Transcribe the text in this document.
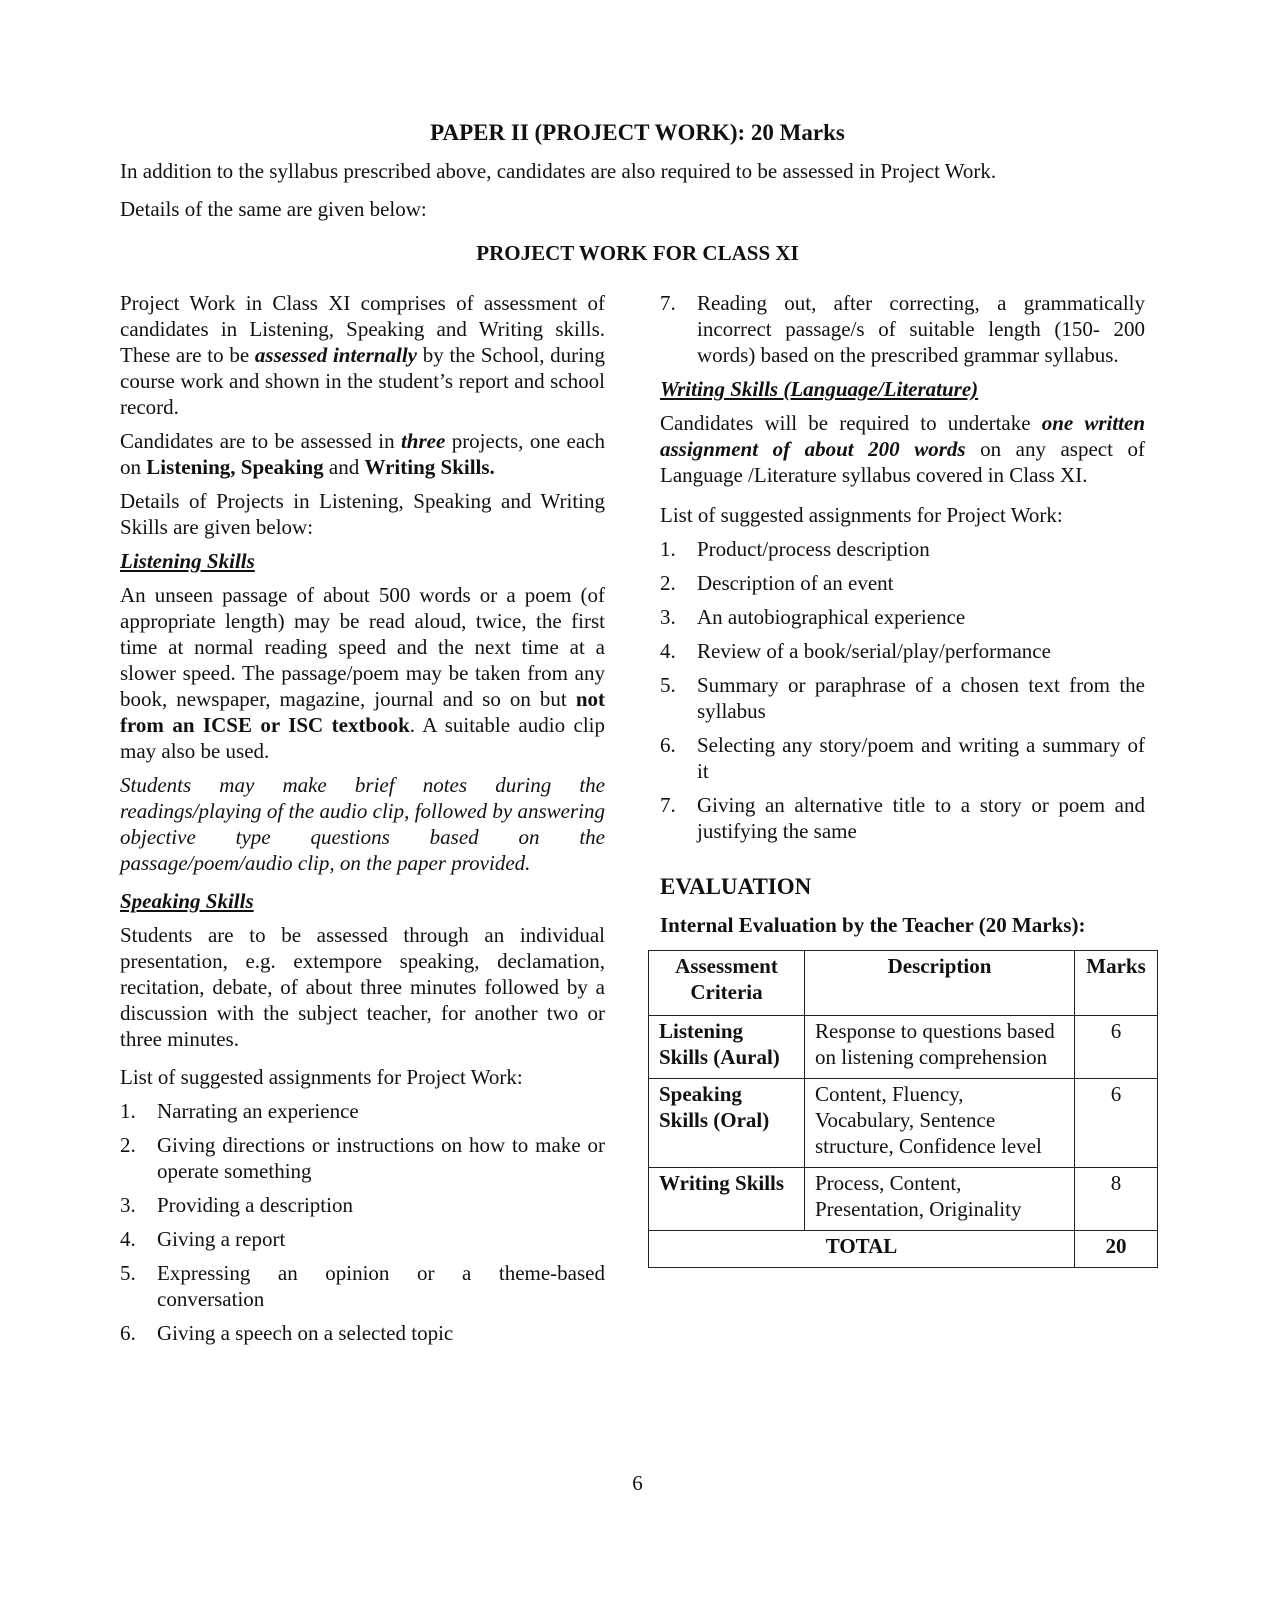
PAPER II (PROJECT WORK): 20 Marks

In addition to the syllabus prescribed above, candidates are also required to be assessed in Project Work.

Details of the same are given below:

PROJECT WORK FOR CLASS XI

Project Work in Class XI comprises of assessment of candidates in Listening, Speaking and Writing skills. These are to be assessed internally by the School, during course work and shown in the student’s report and school record.

Candidates are to be assessed in three projects, one each on Listening, Speaking and Writing Skills.

Details of Projects in Listening, Speaking and Writing Skills are given below:

Listening Skills

An unseen passage of about 500 words or a poem (of appropriate length) may be read aloud, twice, the first time at normal reading speed and the next time at a slower speed. The passage/poem may be taken from any book, newspaper, magazine, journal and so on but not from an ICSE or ISC textbook. A suitable audio clip may also be used.

Students may make brief notes during the readings/playing of the audio clip, followed by answering objective type questions based on the passage/poem/audio clip, on the paper provided.

Speaking Skills

Students are to be assessed through an individual presentation, e.g. extempore speaking, declamation, recitation, debate, of about three minutes followed by a discussion with the subject teacher, for another two or three minutes.

List of suggested assignments for Project Work:

1.	Narrating an experience
2.	Giving directions or instructions on how to make or operate something
3.	Providing a description
4.	Giving a report
5.	Expressing an opinion or a theme-based conversation
6.	Giving a speech on a selected topic
7.	Reading out, after correcting, a grammatically incorrect passage/s of suitable length (150- 200 words) based on the prescribed grammar syllabus.
Writing Skills (Language/Literature)

Candidates will be required to undertake one written assignment of about 200 words on any aspect of Language /Literature syllabus covered in Class XI.

List of suggested assignments for Project Work:

1.	Product/process description
2.	Description of an event
3.	An autobiographical experience
4.	Review of a book/serial/play/performance
5.	Summary or paraphrase of a chosen text from the syllabus
6.	Selecting any story/poem and writing a summary of it
7.	Giving an alternative title to a story or poem and justifying the same
EVALUATION
Internal Evaluation by the Teacher (20 Marks):
Assessment Criteria	Description	Marks
Listening Skills (Aural)	Response to questions based on listening comprehension	6
Speaking Skills (Oral)	Content, Fluency, Vocabulary, Sentence structure, Confidence level	6
Writing Skills	Process, Content, Presentation, Originality	8
TOTAL		20

6
